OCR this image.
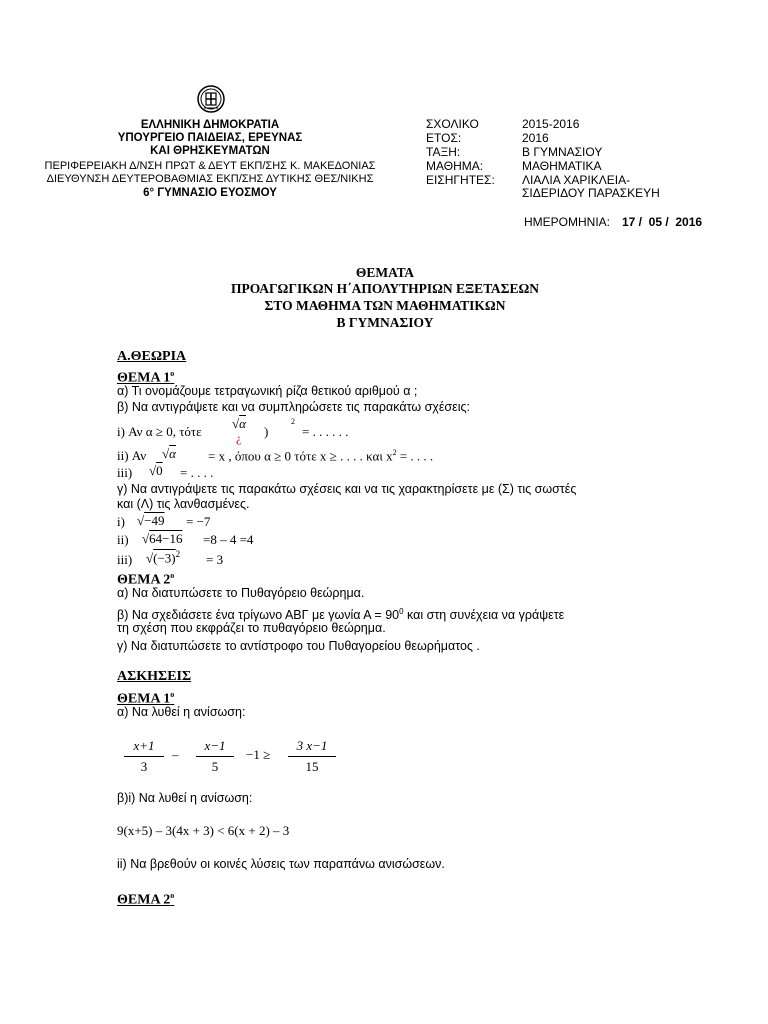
ΕΛΛΗΝΙΚΗ ΔΗΜΟΚΡΑΤΙΑ
ΥΠΟΥΡΓΕΙΟ ΠΑΙΔΕΙΑΣ, ΕΡΕΥΝΑΣ
ΚΑΙ ΘΡΗΣΚΕΥΜΑΤΩΝ
ΠΕΡΙΦΕΡΕΙΑΚΗ Δ/ΝΣΗ ΠΡΩΤ & ΔΕΥΤ ΕΚΠ/ΣΗΣ Κ. ΜΑΚΕΔΟΝΙΑΣ
ΔΙΕΥΘΥΝΣΗ ΔΕΥΤΕΡΟΒΑΘΜΙΑΣ ΕΚΠ/ΣΗΣ ΔΥΤΙΚΗΣ ΘΕΣ/ΝΙΚΗΣ
6° ΓΥΜΝΑΣΙΟ ΕΥΟΣΜΟΥ
ΣΧΟΛΙΚΟ
ΕΤΟΣ:
ΤΑΞΗ:
ΜΑΘΗΜΑ:
ΕΙΣΗΓΗΤΕΣ:
2015-2016
2016
Β ΓΥΜΝΑΣΙΟΥ
ΜΑΘΗΜΑΤΙΚΑ
ΛΙΑΛΙΑ ΧΑΡΙΚΛΕΙΑ-
ΣΙΔΕΡΙΔΟΥ ΠΑΡΑΣΚΕΥΗ
ΗΜΕΡΟΜΗΝΙΑ: 17 /  05 /  2016
ΘΕΜΑΤΑ
ΠΡΟΑΓΩΓΙΚΩΝ Η΄ΑΠΟΛΥΤΗΡΙΩΝ ΕΞΕΤΑΣΕΩΝ
ΣΤΟ ΜΑΘΗΜΑ ΤΩΝ ΜΑΘΗΜΑΤΙΚΩΝ
Β ΓΥΜΝΑΣΙΟΥ
Α.ΘΕΩΡΙΑ
ΘΕΜΑ $1^o$
α) Τι ονομάζουμε τετραγωνική ρίζα θετικού αριθμού α ;
β) Να αντιγράψετε και να συμπληρώσετε τις παρακάτω σχέσεις:
i) Αν α ≥ 0, τότε
√α
¿ )
2
= . . . . . .
ii) Αν √α = x , όπου α ≥ 0 τότε x ≥ . . . . και $x^2$ = . . . .
iii) √0 = . . . .
γ) Να αντιγράψετε τις παρακάτω σχέσεις και να τις χαρακτηρίσετε με (Σ) τις σωστές
και (Λ) τις λανθασμένες.
i) √−49 = −7
ii) √64−16 =8 – 4 =4
iii) $√(-3)^2 = 3$
ΘΕΜΑ $2^o$
α) Να διατυπώσετε το Πυθαγόρειο θεώρημα.
β) Να σχεδιάσετε ένα τρίγωνο ΑΒΓ με γωνία $A = 90^0$ και στη συνέχεια να γράψετε
τη σχέση που εκφράζει το πυθαγόρειο θεώρημα.
γ) Να διατυπώσετε το αντίστροφο του Πυθαγορείου θεωρήματος .
ΑΣΚΗΣΕΙΣ
ΘΕΜΑ $1^o$
α) Να λυθεί η ανίσωση:
$\frac{x+1}{3} - \frac{x-1}{5} -1 \ge \frac{3 x-1}{15}$
β)i) Να λυθεί η ανίσωση:
9(x+5) – 3(4x + 3) < 6(x + 2) – 3
ii) Να βρεθούν οι κοινές λύσεις των παραπάνω ανισώσεων.
ΘΕΜΑ $2^o$
